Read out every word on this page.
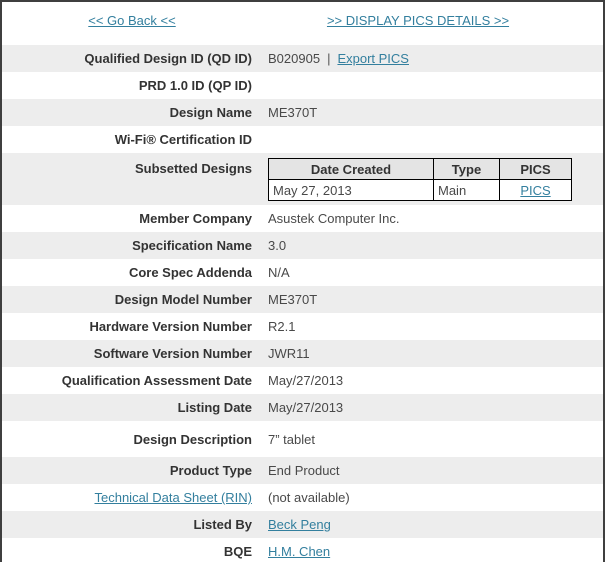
<< Go Back <<	>> DISPLAY PICS DETAILS >>
Qualified Design ID (QD ID)	B020905 | Export PICS
PRD 1.0 ID (QP ID)
Design Name	ME370T
Wi-Fi® Certification ID
Subsetted Designs	Date Created	Type	PICS
May 27, 2013	Main	PICS
Member Company	Asustek Computer Inc.
Specification Name	3.0
Core Spec Addenda	N/A
Design Model Number	ME370T
Hardware Version Number	R2.1
Software Version Number	JWR11
Qualification Assessment Date	May/27/2013
Listing Date	May/27/2013
Design Description	7” tablet
Product Type	End Product
Technical Data Sheet (RIN)	(not available)
Listed By	Beck Peng
BQE	H.M. Chen
